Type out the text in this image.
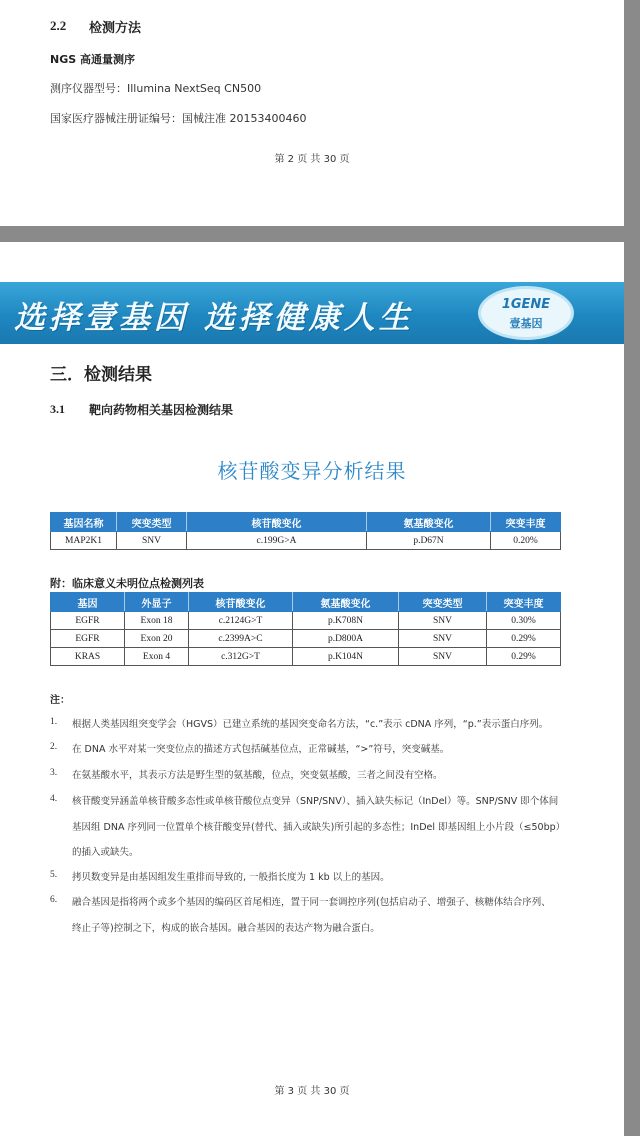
2.2 检测方法
NGS 高通量测序
测序仪器型号：Illumina NextSeq CN500
国家医疗器械注册证编号：国械注准 20153400460
第 2 页 共 30 页
选择壹基因 选择健康人生	1GENE
壹基因
三．检测结果
3.1 靶向药物相关基因检测结果
核苷酸变异分析结果
基因名称	突变类型	核苷酸变化	氨基酸变化	突变丰度
MAP2K1	SNV	c.199G>A	p.D67N	0.20%
附：临床意义未明位点检测列表
基因	外显子	核苷酸变化	氨基酸变化	突变类型	突变丰度
EGFR	Exon 18	c.2124G>T	p.K708N	SNV	0.30%
EGFR	Exon 20	c.2399A>C	p.D800A	SNV	0.29%
KRAS	Exon 4	c.312G>T	p.K104N	SNV	0.29%
注：
1. 根据人类基因组突变学会（HGVS）已建立系统的基因突变命名方法，“c.”表示 cDNA 序列，“p.”表示蛋白序列。
2. 在 DNA 水平对某一突变位点的描述方式包括碱基位点，正常碱基，“>”符号，突变碱基。
3. 在氨基酸水平，其表示方法是野生型的氨基酸，位点，突变氨基酸，三者之间没有空格。
4. 核苷酸变异涵盖单核苷酸多态性或单核苷酸位点变异（SNP/SNV）、插入缺失标记（InDel）等。SNP/SNV 即个体间
基因组 DNA 序列同一位置单个核苷酸变异(替代、插入或缺失)所引起的多态性；InDel 即基因组上小片段（≤50bp）
的插入或缺失。
5. 拷贝数变异是由基因组发生重排而导致的, 一般指长度为 1 kb 以上的基因。
6. 融合基因是指将两个或多个基因的编码区首尾相连，置于同一套调控序列(包括启动子、增强子、核糖体结合序列、
终止子等)控制之下，构成的嵌合基因。融合基因的表达产物为融合蛋白。
第 3 页 共 30 页
